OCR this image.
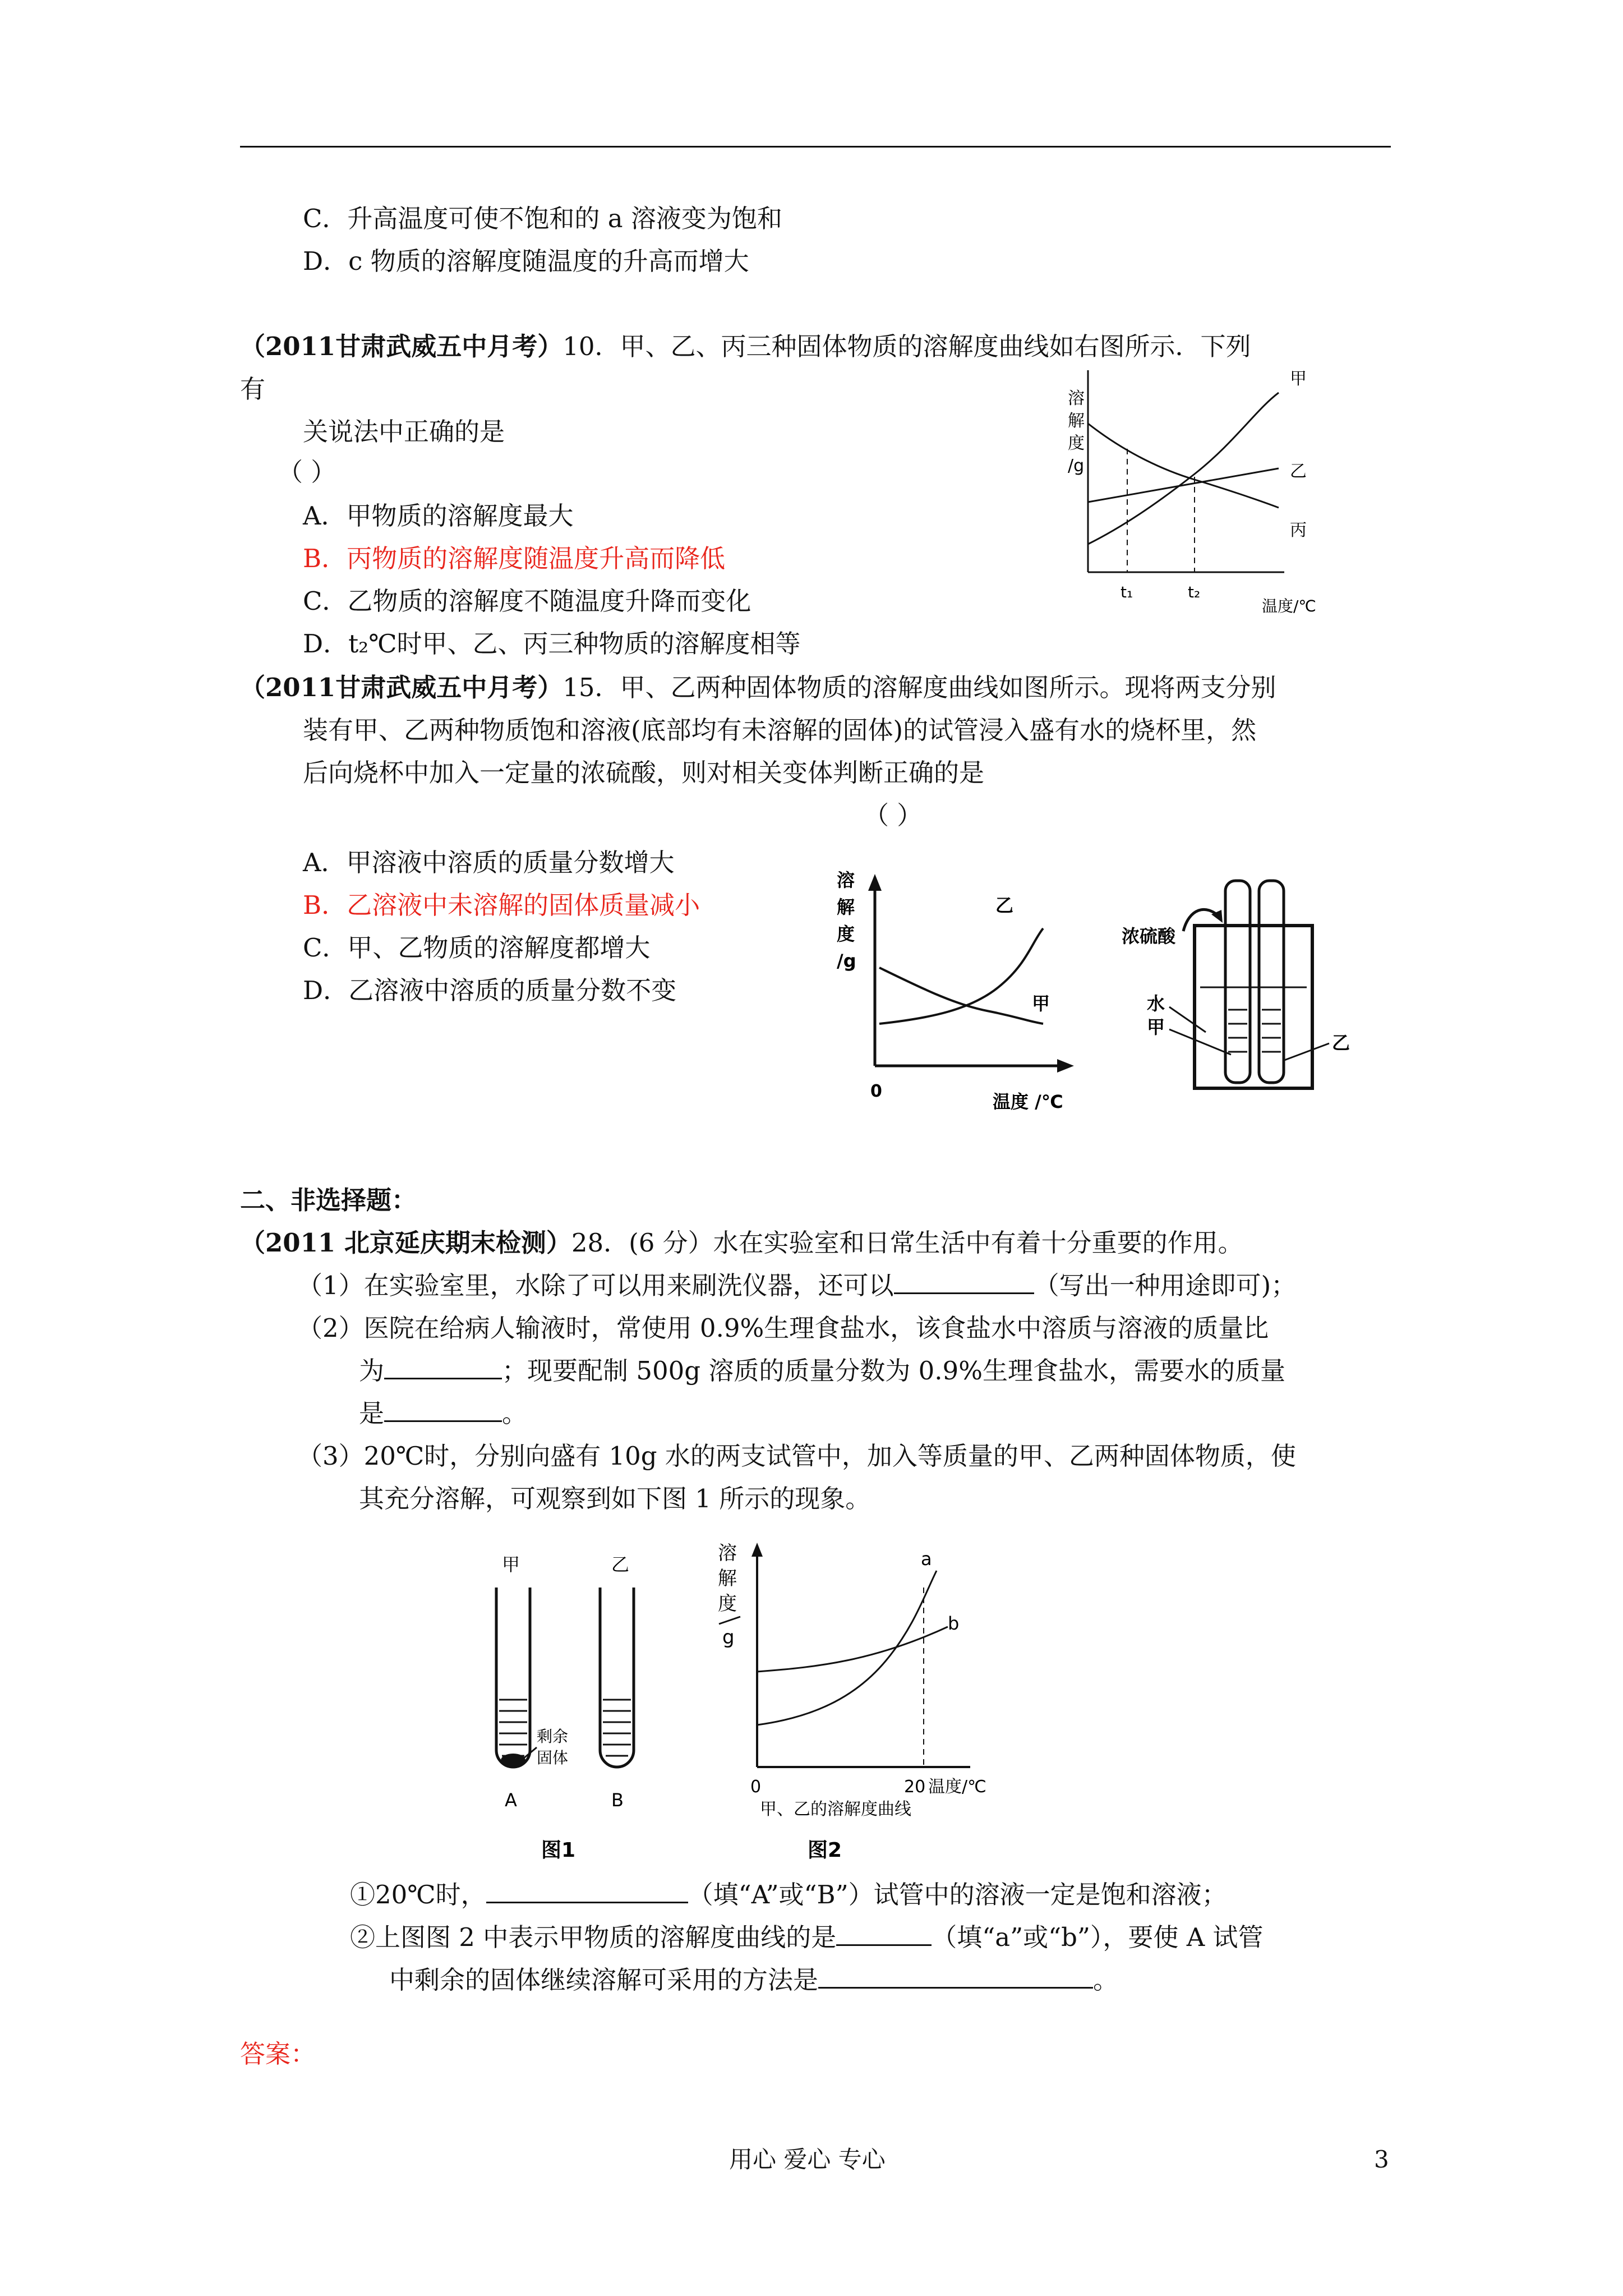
C．升高温度可使不饱和的 a 溶液变为饱和
D．c 物质的溶解度随温度的升高而增大
（2011甘肃武威五中月考）10．甲、乙、丙三种固体物质的溶解度曲线如右图所示．下列
有
关说法中正确的是
（ ）
A．甲物质的溶解度最大
B．丙物质的溶解度随温度升高而降低
C．乙物质的溶解度不随温度升降而变化
D．t₂℃时甲、乙、丙三种物质的溶解度相等
溶
解
度
/g
甲
乙
丙
t₁	t₂
温度/℃
（2011甘肃武威五中月考）15．甲、乙两种固体物质的溶解度曲线如图所示。现将两支分别
装有甲、乙两种物质饱和溶液(底部均有未溶解的固体)的试管浸入盛有水的烧杯里，然
后向烧杯中加入一定量的浓硫酸，则对相关变体判断正确的是
（ ）
A．甲溶液中溶质的质量分数增大
B．乙溶液中未溶解的固体质量减小
C．甲、乙物质的溶解度都增大
D．乙溶液中溶质的质量分数不变
溶
解
度
/g
乙
甲
0	温度 /℃
浓硫酸
水
甲
乙
二、非选择题：
（2011 北京延庆期末检测）28．(6 分）水在实验室和日常生活中有着十分重要的作用。
（1）在实验室里，水除了可以用来刷洗仪器，还可以	（写出一种用途即可)；
（2）医院在给病人输液时，常使用 0.9%生理食盐水，该食盐水中溶质与溶液的质量比
为	；现要配制 500g 溶质的质量分数为 0.9%生理食盐水，需要水的质量
是	。
（3）20℃时，分别向盛有 10g 水的两支试管中，加入等质量的甲、乙两种固体物质，使
其充分溶解，可观察到如下图 1 所示的现象。
甲	乙
剩余
固体
A	B
图1
溶
解
度
g
a
b
0	20 温度/℃
甲、乙的溶解度曲线
图2
①20℃时，	（填“A”或“B”）试管中的溶液一定是饱和溶液；
②上图图 2 中表示甲物质的溶解度曲线的是	（填“a”或“b”），要使 A 试管
中剩余的固体继续溶解可采用的方法是	。
答案：
用心 爱心 专心	3
